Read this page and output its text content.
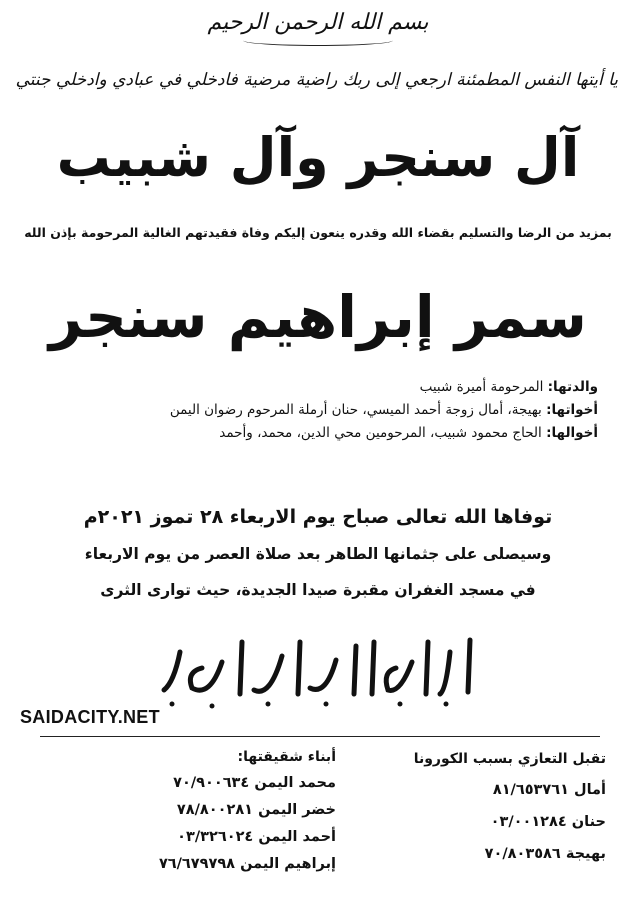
بسم الله الرحمن الرحيم
يا أيتها النفس المطمئنة ارجعي إلى ربك راضية مرضية فادخلي في عبادي وادخلي جنتي
آل سنجر وآل شبيب
بمزيد من الرضا والتسليم بقضاء الله وقدره ينعون إليكم وفاة فقيدتهم الغالية المرحومة بإذن الله
سمر إبراهيم سنجر
والدتها: المرحومة أميرة شبيب
أخواتها: بهيجة، أمال زوجة أحمد الميسي، حنان أرملة المرحوم رضوان اليمن
أخوالها: الحاج محمود شبيب، المرحومين محي الدين، محمد، وأحمد
توفاها الله تعالى صباح يوم الاربعاء ٢٨ تموز ٢٠٢١م
وسيصلى على جثمانها الطاهر بعد صلاة العصر من يوم الاربعاء
في مسجد الغفران مقبرة صيدا الجديدة، حيث توارى الثرى
SAIDACITY.NET
تقبل التعازي بسبب الكورونا
أمال ٨١/٦٥٣٧٦١
حنان ٠٣/٠٠١٢٨٤
بهيجة ٧٠/٨٠٣٥٨٦
أبناء شقيقتها:
محمد اليمن ٧٠/٩٠٠٦٣٤
خضر اليمن ٧٨/٨٠٠٢٨١
أحمد اليمن ٠٣/٣٢٦٠٢٤
إبراهيم اليمن ٧٦/٦٧٩٧٩٨
